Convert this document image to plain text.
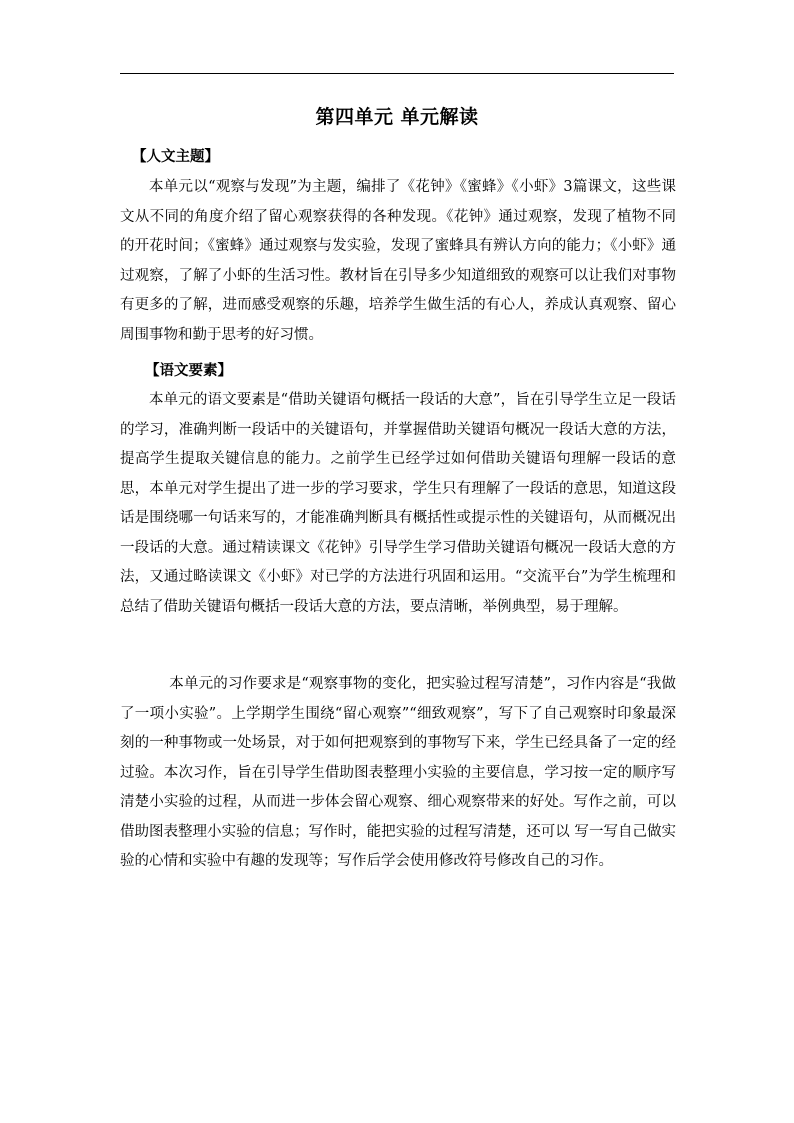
第四单元 单元解读
【人文主题】

本单元以“观察与发现”为主题，编排了《花钟》《蜜蜂》《小虾》3篇课文，这些课文从不同的角度介绍了留心观察获得的各种发现。《花钟》通过观察，发现了植物不同的开花时间；《蜜蜂》通过观察与发实验，发现了蜜蜂具有辨认方向的能力；《小虾》通过观察，了解了小虾的生活习性。教材旨在引导多少知道细致的观察可以让我们对事物有更多的了解，进而感受观察的乐趣，培养学生做生活的有心人，养成认真观察、留心周围事物和勤于思考的好习惯。

【语文要素】

本单元的语文要素是“借助关键语句概括一段话的大意”，旨在引导学生立足一段话的学习，准确判断一段话中的关键语句，并掌握借助关键语句概况一段话大意的方法，提高学生提取关键信息的能力。之前学生已经学过如何借助关键语句理解一段话的意思，本单元对学生提出了进一步的学习要求，学生只有理解了一段话的意思，知道这段话是围绕哪一句话来写的，才能准确判断具有概括性或提示性的关键语句，从而概况出一段话的大意。通过精读课文《花钟》引导学生学习借助关键语句概况一段话大意的方法，又通过略读课文《小虾》对已学的方法进行巩固和运用。“交流平台”为学生梳理和总结了借助关键语句概括一段话大意的方法，要点清晰，举例典型，易于理解。

本单元的习作要求是“观察事物的变化，把实验过程写清楚”，习作内容是“我做了一项小实验”。上学期学生围绕“留心观察”“细致观察”，写下了自己观察时印象最深刻的一种事物或一处场景，对于如何把观察到的事物写下来，学生已经具备了一定的经过验。本次习作，旨在引导学生借助图表整理小实验的主要信息，学习按一定的顺序写清楚小实验的过程，从而进一步体会留心观察、细心观察带来的好处。写作之前，可以借助图表整理小实验的信息；写作时，能把实验的过程写清楚，还可以 写一写自己做实验的心情和实验中有趣的发现等；写作后学会使用修改符号修改自己的习作。
